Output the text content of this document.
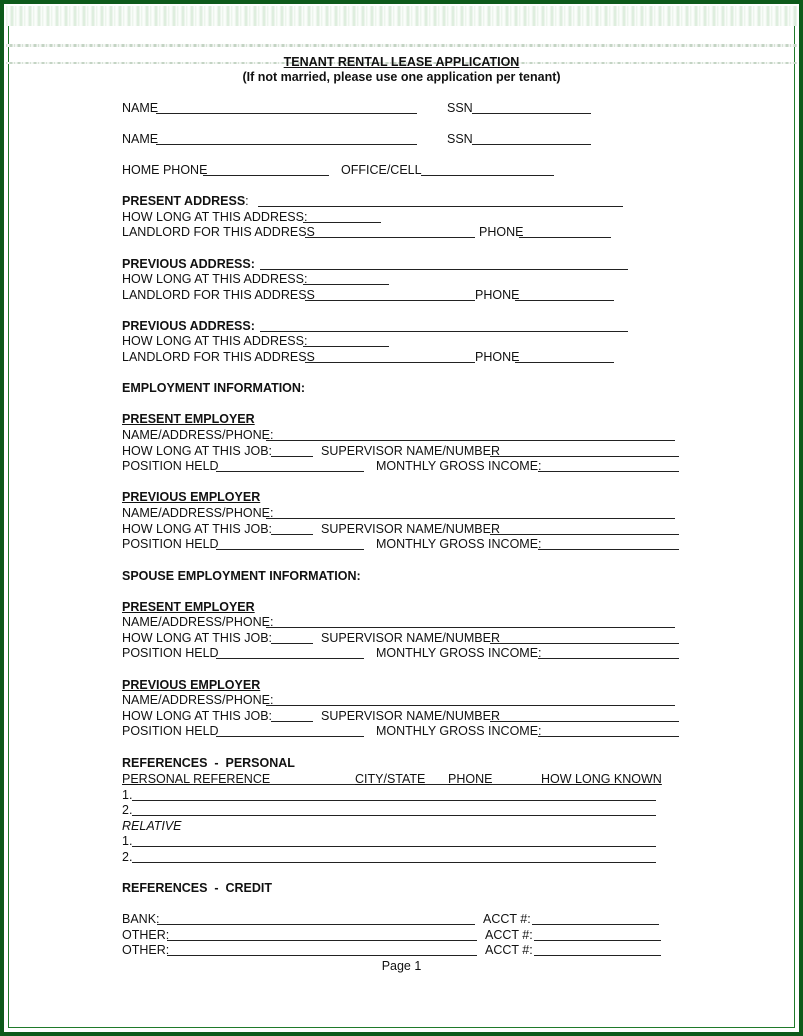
TENANT RENTAL LEASE APPLICATION
(If not married, please use one application per tenant)
NAME	SSN
NAME	SSN
HOME PHONE	OFFICE/CELL
PRESENT ADDRESS:
HOW LONG AT THIS ADDRESS:
LANDLORD FOR THIS ADDRESS	PHONE
PREVIOUS ADDRESS:
HOW LONG AT THIS ADDRESS:
LANDLORD FOR THIS ADDRESS	PHONE
PREVIOUS ADDRESS:
HOW LONG AT THIS ADDRESS:
LANDLORD FOR THIS ADDRESS	PHONE
EMPLOYMENT INFORMATION:
PRESENT EMPLOYER
NAME/ADDRESS/PHONE:
HOW LONG AT THIS JOB:	SUPERVISOR NAME/NUMBER
POSITION HELD	MONTHLY GROSS INCOME:
PREVIOUS EMPLOYER
NAME/ADDRESS/PHONE:
HOW LONG AT THIS JOB:	SUPERVISOR NAME/NUMBER
POSITION HELD	MONTHLY GROSS INCOME:
SPOUSE EMPLOYMENT INFORMATION:
PRESENT EMPLOYER
NAME/ADDRESS/PHONE:
HOW LONG AT THIS JOB:	SUPERVISOR NAME/NUMBER
POSITION HELD	MONTHLY GROSS INCOME:
PREVIOUS EMPLOYER
NAME/ADDRESS/PHONE:
HOW LONG AT THIS JOB:	SUPERVISOR NAME/NUMBER
POSITION HELD	MONTHLY GROSS INCOME:
REFERENCES  -  PERSONAL
PERSONAL REFERENCE	CITY/STATE PHONE	HOW LONG KNOWN
1.
2.
RELATIVE
1.
2.
REFERENCES  -  CREDIT
BANK:	ACCT #:
OTHER:	ACCT #:
OTHER:	ACCT #:
Page 1
